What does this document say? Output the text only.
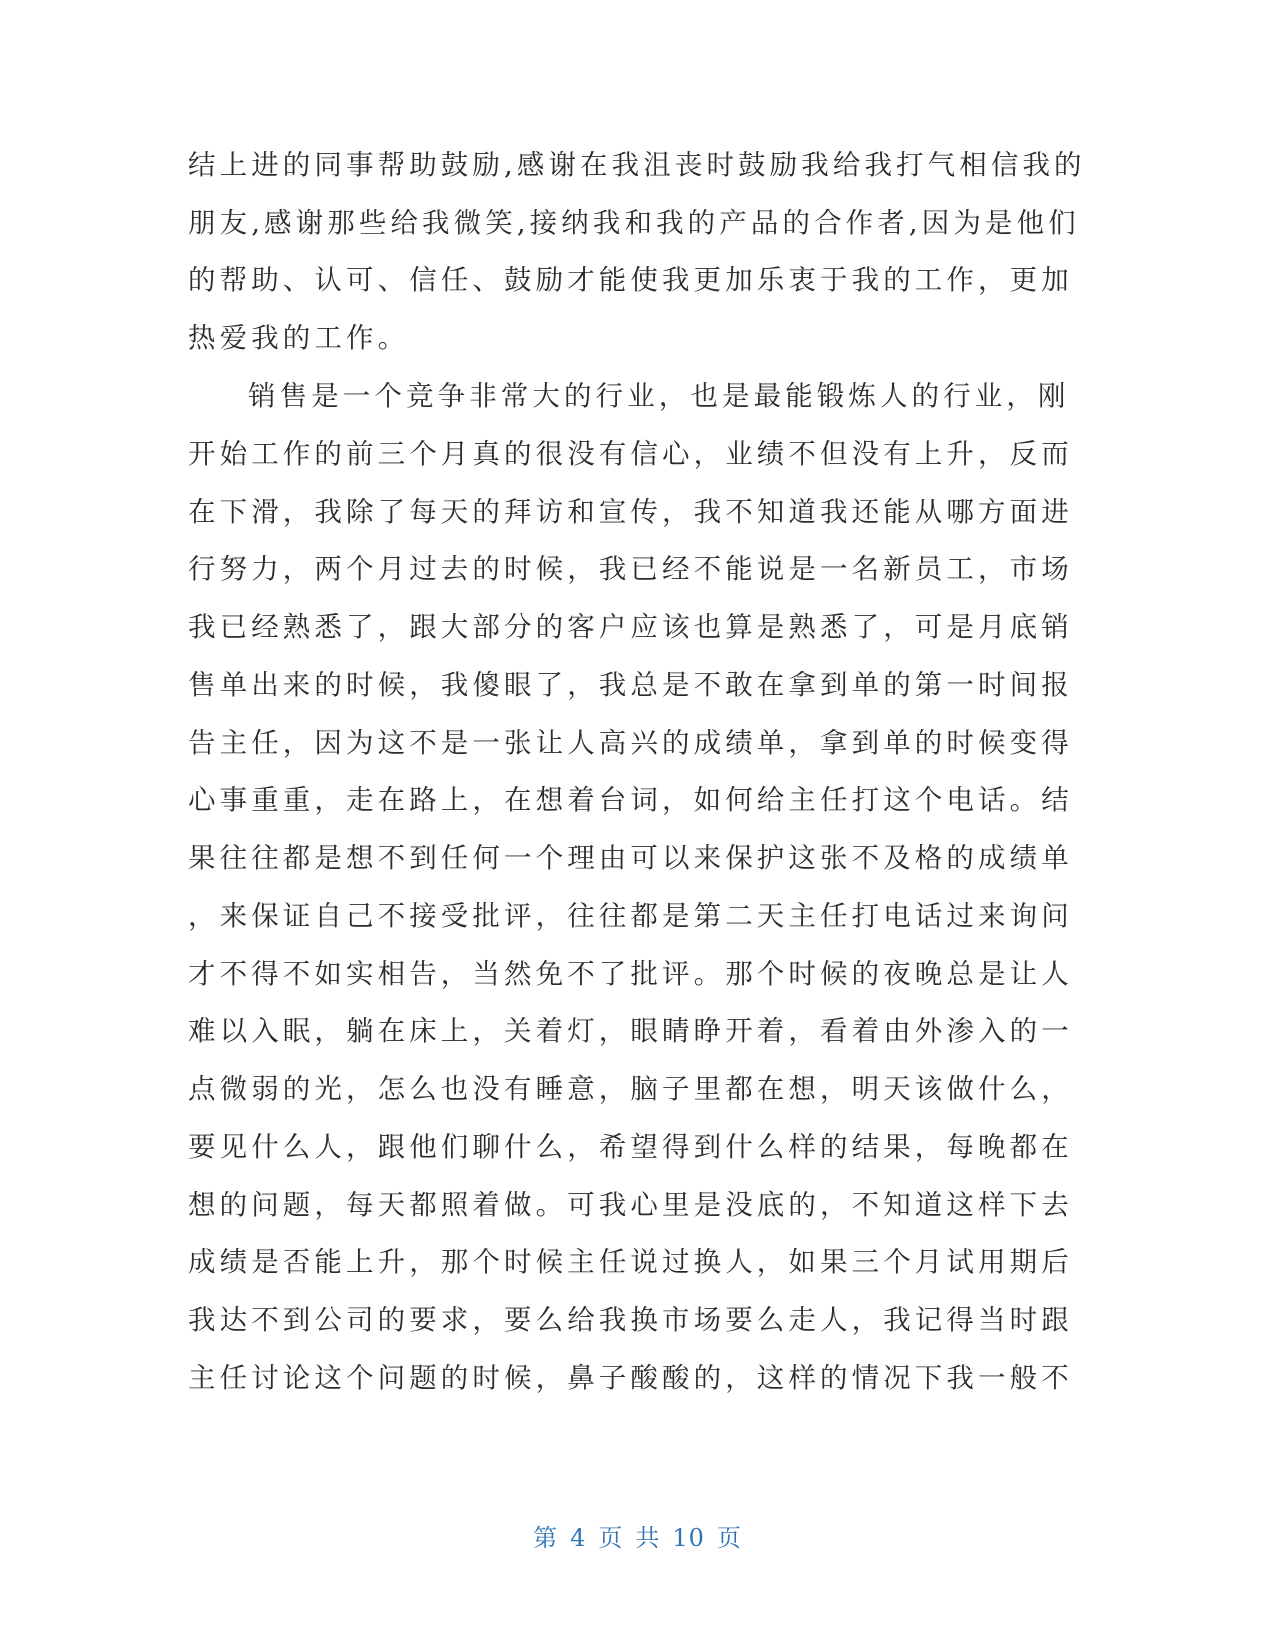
结上进的同事帮助鼓励,感谢在我沮丧时鼓励我给我打气相信我的
朋友,感谢那些给我微笑,接纳我和我的产品的合作者,因为是他们
的帮助、认可、信任、鼓励才能使我更加乐衷于我的工作，更加
热爱我的工作。
销售是一个竞争非常大的行业，也是最能锻炼人的行业，刚
开始工作的前三个月真的很没有信心，业绩不但没有上升，反而
在下滑，我除了每天的拜访和宣传，我不知道我还能从哪方面进
行努力，两个月过去的时候，我已经不能说是一名新员工，市场
我已经熟悉了，跟大部分的客户应该也算是熟悉了，可是月底销
售单出来的时候，我傻眼了，我总是不敢在拿到单的第一时间报
告主任，因为这不是一张让人高兴的成绩单，拿到单的时候变得
心事重重，走在路上，在想着台词，如何给主任打这个电话。结
果往往都是想不到任何一个理由可以来保护这张不及格的成绩单
，来保证自己不接受批评，往往都是第二天主任打电话过来询问
才不得不如实相告，当然免不了批评。那个时候的夜晚总是让人
难以入眠，躺在床上，关着灯，眼睛睁开着，看着由外渗入的一
点微弱的光，怎么也没有睡意，脑子里都在想，明天该做什么，
要见什么人，跟他们聊什么，希望得到什么样的结果，每晚都在
想的问题，每天都照着做。可我心里是没底的，不知道这样下去
成绩是否能上升，那个时候主任说过换人，如果三个月试用期后
我达不到公司的要求，要么给我换市场要么走人，我记得当时跟
主任讨论这个问题的时候，鼻子酸酸的，这样的情况下我一般不
第 4 页 共 10 页
